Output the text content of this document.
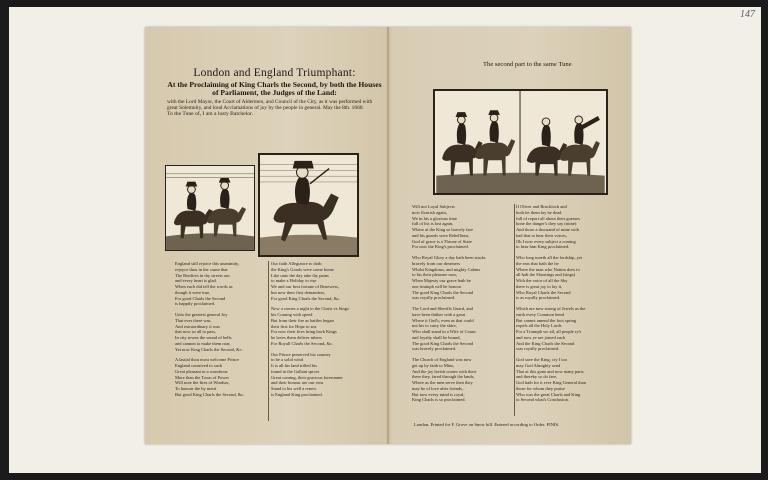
147
London and England Triumphant:
At the Proclaiming of King Charls the Second, by both the Houses of Parliament, the Judges of the Land:
with the Lord Mayor, the Court of Aldermen, and Council of the City, as it was performed with great Solemnity, and loud Acclamations of joy by the people in general. May the 8th. 1660.
To the Tune of, I am a lusty Batchelor.
The second part to the same Tune

England still rejoice this unanimity,
rejoyce thou in the cause that
The Bonfires in thy streets are,
and every heart is glad.
When each did tell the words as
though it were true,
For good Charls the Second
is happily proclaimed.

Unto the greatest general Joy
That ever there was,
And extraordinary it was
that now so all to pass,
In city towns the sound of bells
and cannon to make them roar,
Yet now King Charls the Second, &c.

A lastial thou most welcome Prince
England contrived to such
Great pleasant in a wondrous
More than the Town of Power
Will note the fires of Windsor,
To honour the by merit
But good King Charls the Second, &c.

Our faith Allegiance to doth
the King's Goods were come home
Like unto the day take thy pains
to make a Holiday to rise
We and our best fortune of Renewers,
but now their first demanders,
For good King Charls the Second, &c.

Now a comes a night to the Christ vs Sings
his Coming with speed
But from their fire as battles began
their first for Hope to sea
For now their fires bring back Kings
he loves them deliver mbers
For Royall Charls the Second, &c.

Our Prince preserved his country
to be a solid wind
It is all his land trilled his
found in the Gallant spices
Great coming, their gracious forerunner
and their honour are our own
Stand to his well a renew
is England King proclaimed.

Will not Loyal Subjects
now flourish again,
We in his a glorious time
full of his is lost again,
Where at the King so bravely fare
and his guards were Rebellions,
God of grace is a Throne of State
For now the King's proclaimed.

Who Royal Glory a day hath been stacks
bravely from our dreamers
Whilst Kingdoms, and mighty Cabins
to his their pleasure now,
When Majesty our grave hath be
one triumph will be honour
The good King Charls the Second
was royally proclaimed.

The Lord and Sheriffs Guard, and
have been thither with a great
Where it God's, even as that could
not his to carry the shire,
Who shall stand in a Wife of Counc
and loyalty shall be bound,
The good King Charls the Second
was bravely proclaimed.

The Church of England was now
get up by faith to Mine,
And the joy lavish comes with their
there they, fared through the lands,
Where as the men serve then they
may be of love after friends,
But now every mind is royal,
King Charls is so proclaimed.

If Oliver and Brucklock and
both let them lay be dead
full of report all about their guesses
bone the danger's they say (mine)
And those a thousand of mine with
had that to hear their voices,
Oh I now every subject a coming
to hear him King proclaimed.

Who long tuneth all the lordship, yet
the ears that hath the be
Where the man who Nation does to
all halt the Shoutings and (sings)
With the voice of all the Sky
there is great joy to lay it,
Who Royal Charls the Second
is as royally proclaimed.

Which are now strong of Jewels as the
earth every Common bend
But cannot amend the foot spring
expels all the Holy Lords
For a Triumph we all, all people ry's
and now ye are joined such
And the King Charls the Second
was royally proclaimed.

God save the King, cry I too
may God Almighty send
That at this gone and now many parts
and thereby so do fare,
God hath for it ever King General than
those for whom they praise
Who was the great Charls and King
to Second what's Conclusion.

London, Printed for F. Grove on Snow hill. Entered according to Order. FINIS.
